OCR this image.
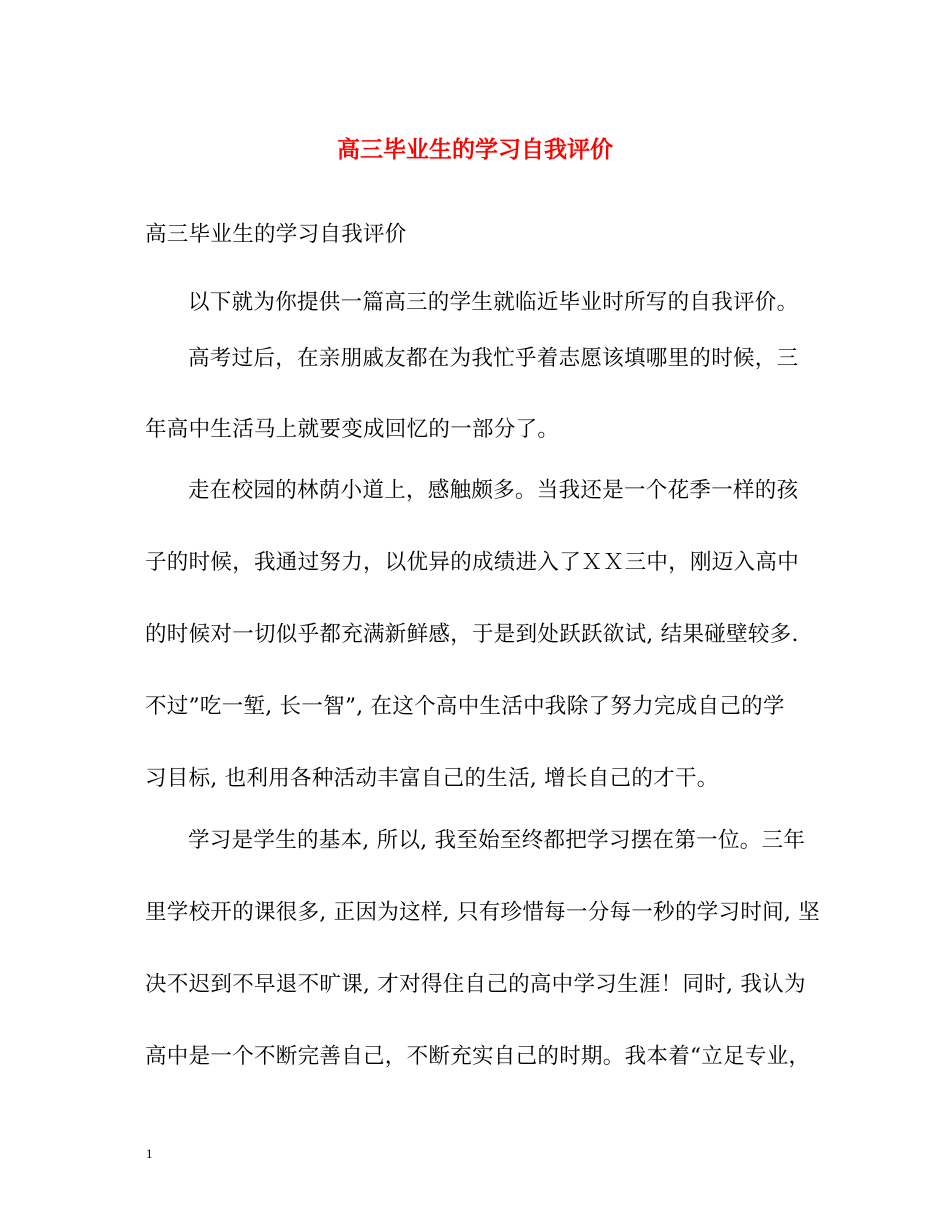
高三毕业生的学习自我评价
高三毕业生的学习自我评价
以下就为你提供一篇高三的学生就临近毕业时所写的自我评价。
高考过后，在亲朋戚友都在为我忙乎着志愿该填哪里的时候，三
年高中生活马上就要变成回忆的一部分了。
走在校园的林荫小道上，感触颇多。当我还是一个花季一样的孩
子的时候，我通过努力，以优异的成绩进入了ＸＸ三中，刚迈入高中
的时候对一切似乎都充满新鲜感，于是到处跃跃欲试, 结果碰壁较多.
不过”吃一堑, 长一智”, 在这个高中生活中我除了努力完成自己的学
习目标, 也利用各种活动丰富自己的生活, 增长自己的才干。
学习是学生的基本, 所以, 我至始至终都把学习摆在第一位。三年
里学校开的课很多, 正因为这样, 只有珍惜每一分每一秒的学习时间, 坚
决不迟到不早退不旷课, 才对得住自己的高中学习生涯！同时, 我认为
高中是一个不断完善自己，不断充实自己的时期。我本着“立足专业，
1
